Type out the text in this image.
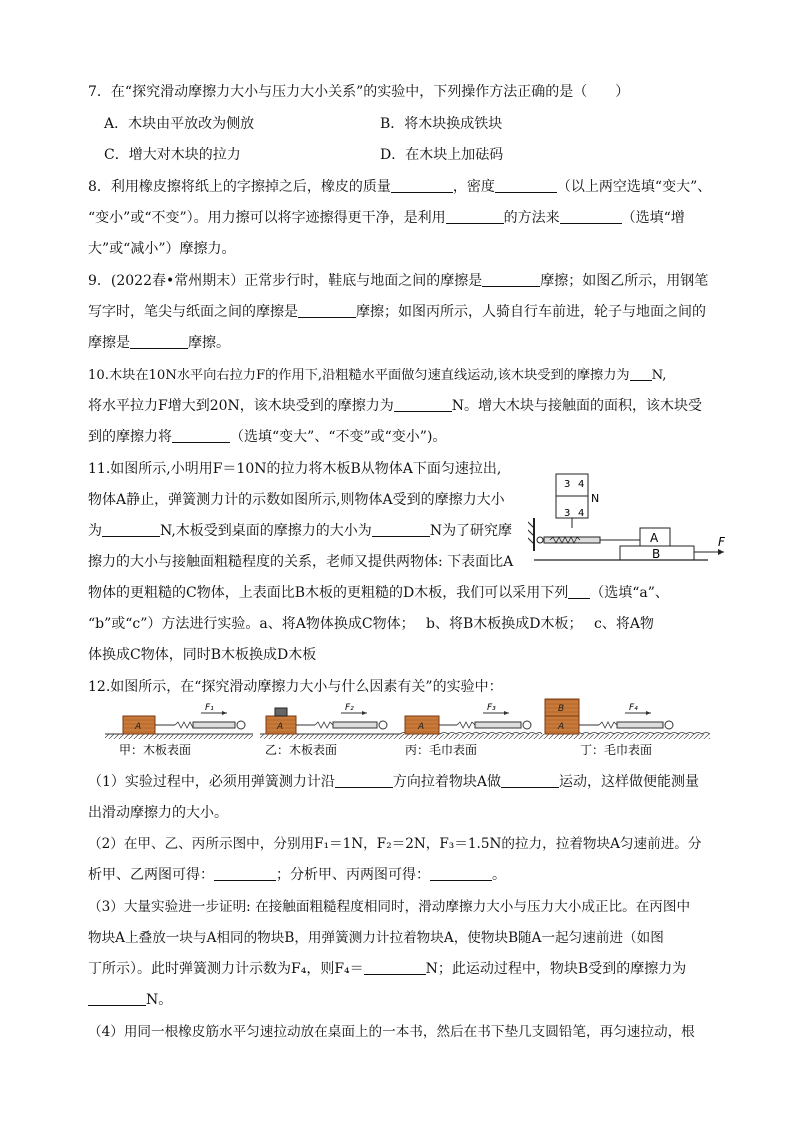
7．在“探究滑动摩擦力大小与压力大小关系”的实验中，下列操作方法正确的是（　　）
A．木块由平放改为侧放	B．将木块换成铁块
C．增大对木块的拉力	D．在木块上加砝码
8．利用橡皮擦将纸上的字擦掉之后，橡皮的质量	，密度	（以上两空选填“变大”、
“变小”或“不变”）。用力擦可以将字迹擦得更干净，是利用	的方法来	（选填“增
大”或“减小”）摩擦力。
9．(2022春•常州期末）正常步行时，鞋底与地面之间的摩擦是	摩擦；如图乙所示，用钢笔
写字时，笔尖与纸面之间的摩擦是	摩擦；如图丙所示，人骑自行车前进，轮子与地面之间的
摩擦是	摩擦。
10.木块在10N水平向右拉力F的作用下,沿粗糙水平面做匀速直线运动,该木块受到的摩擦力为 N,
将水平拉力F增大到20N，该木块受到的摩擦力为	N。增大木块与接触面的面积，该木块受
到的摩擦力将	（选填“变大”、“不变”或“变小”)。
11.如图所示,小明用F＝10N的拉力将木板B从物体A下面匀速拉出,
物体A静止，弹簧测力计的示数如图所示,则物体A受到的摩擦力大小
为	N,木板受到桌面的摩擦力的大小为	N为了研究摩
擦力的大小与接触面粗糙程度的关系，老师又提供两物体: 下表面比A
物体的更粗糙的C物体，上表面比B木板的更粗糙的D木板，我们可以采用下列 （选填“a”、
“b”或“c”）方法进行实验。a、将A物体换成C物体；　 b、将B木板换成D木板；　 c、将A物
体换成C物体，同时B木板换成D木板
3 4
3 4
N
A
B
F
12.如图所示，在“探究滑动摩擦力大小与什么因素有关”的实验中：
A
F₁
甲：木板表面
A
F₂
乙：木板表面
A
F₃
丙：毛巾表面
A
B	F₄
丁：毛巾表面
（1）实验过程中，必须用弹簧测力计沿	方向拉着物块A做	运动，这样做便能测量
出滑动摩擦力的大小。
（2）在甲、乙、丙所示图中，分别用F₁＝1N，F₂＝2N，F₃＝1.5N的拉力，拉着物块A匀速前进。分
析甲、乙两图可得：	；分析甲、丙两图可得：	。
（3）大量实验进一步证明: 在接触面粗糙程度相同时，滑动摩擦力大小与压力大小成正比。在丙图中
物块A上叠放一块与A相同的物块B，用弹簧测力计拉着物块A，使物块B随A一起匀速前进（如图
丁所示）。此时弹簧测力计示数为F₄，则F₄＝	N；此运动过程中，物块B受到的摩擦力为
N。
（4）用同一根橡皮筋水平匀速拉动放在桌面上的一本书，然后在书下垫几支圆铅笔，再匀速拉动，根
